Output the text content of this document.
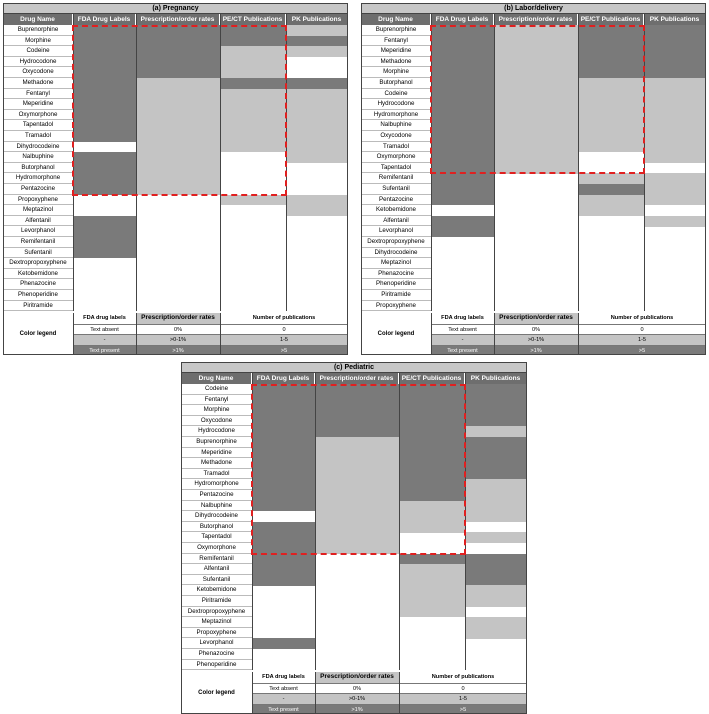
(a) Pregnancy
Drug Name	FDA Drug Labels	Prescription/order rates	PE/CT Publications	PK Publications
Buprenorphine
Morphine
Codeine
Hydrocodone
Oxycodone
Methadone
Fentanyl
Meperidine
Oxymorphone
Tapentadol
Tramadol
Dihydrocodeine
Nalbuphine
Butorphanol
Hydromorphone
Pentazocine
Propoxyphene
Meptazinol
Alfentanil
Levorphanol
Remifentanil
Sufentanil
Dextropropoxyphene
Ketobemidone
Phenazocine
Phenoperidine
Piritramide
Color legend
FDA drug labels	Prescription/order rates	Number of publications
Text absent	0%	0
-	>0-1%	1-5
Text present	>1%	>5
(b) Labor/delivery
Drug Name	FDA Drug Labels	Prescription/order rates	PE/CT Publications	PK Publications
Buprenorphine
Fentanyl
Meperidine
Methadone
Morphine
Butorphanol
Codeine
Hydrocodone
Hydromorphone
Nalbuphine
Oxycodone
Tramadol
Oxymorphone
Tapentadol
Remifentanil
Sufentanil
Pentazocine
Ketobemidone
Alfentanil
Levorphanol
Dextropropoxyphene
Dihydrocodeine
Meptazinol
Phenazocine
Phenoperidine
Piritramide
Propoxyphene
Color legend
FDA drug labels	Prescription/order rates	Number of publications
Text absent	0%	0
-	>0-1%	1-5
Text present	>1%	>5
(c) Pediatric
Drug Name	FDA Drug Labels	Prescription/order rates	PE/CT Publications	PK Publications
Codeine
Fentanyl
Morphine
Oxycodone
Hydrocodone
Buprenorphine
Meperidine
Methadone
Tramadol
Hydromorphone
Pentazocine
Nalbuphine
Dihydrocodeine
Butorphanol
Tapentadol
Oxymorphone
Remifentanil
Alfentanil
Sufentanil
Ketobemidone
Piritramide
Dextropropoxyphene
Meptazinol
Propoxyphene
Levorphanol
Phenazocine
Phenoperidine
Color legend
FDA drug labels	Prescription/order rates	Number of publications
Text absent	0%	0
-	>0-1%	1-5
Text present	>1%	>5
